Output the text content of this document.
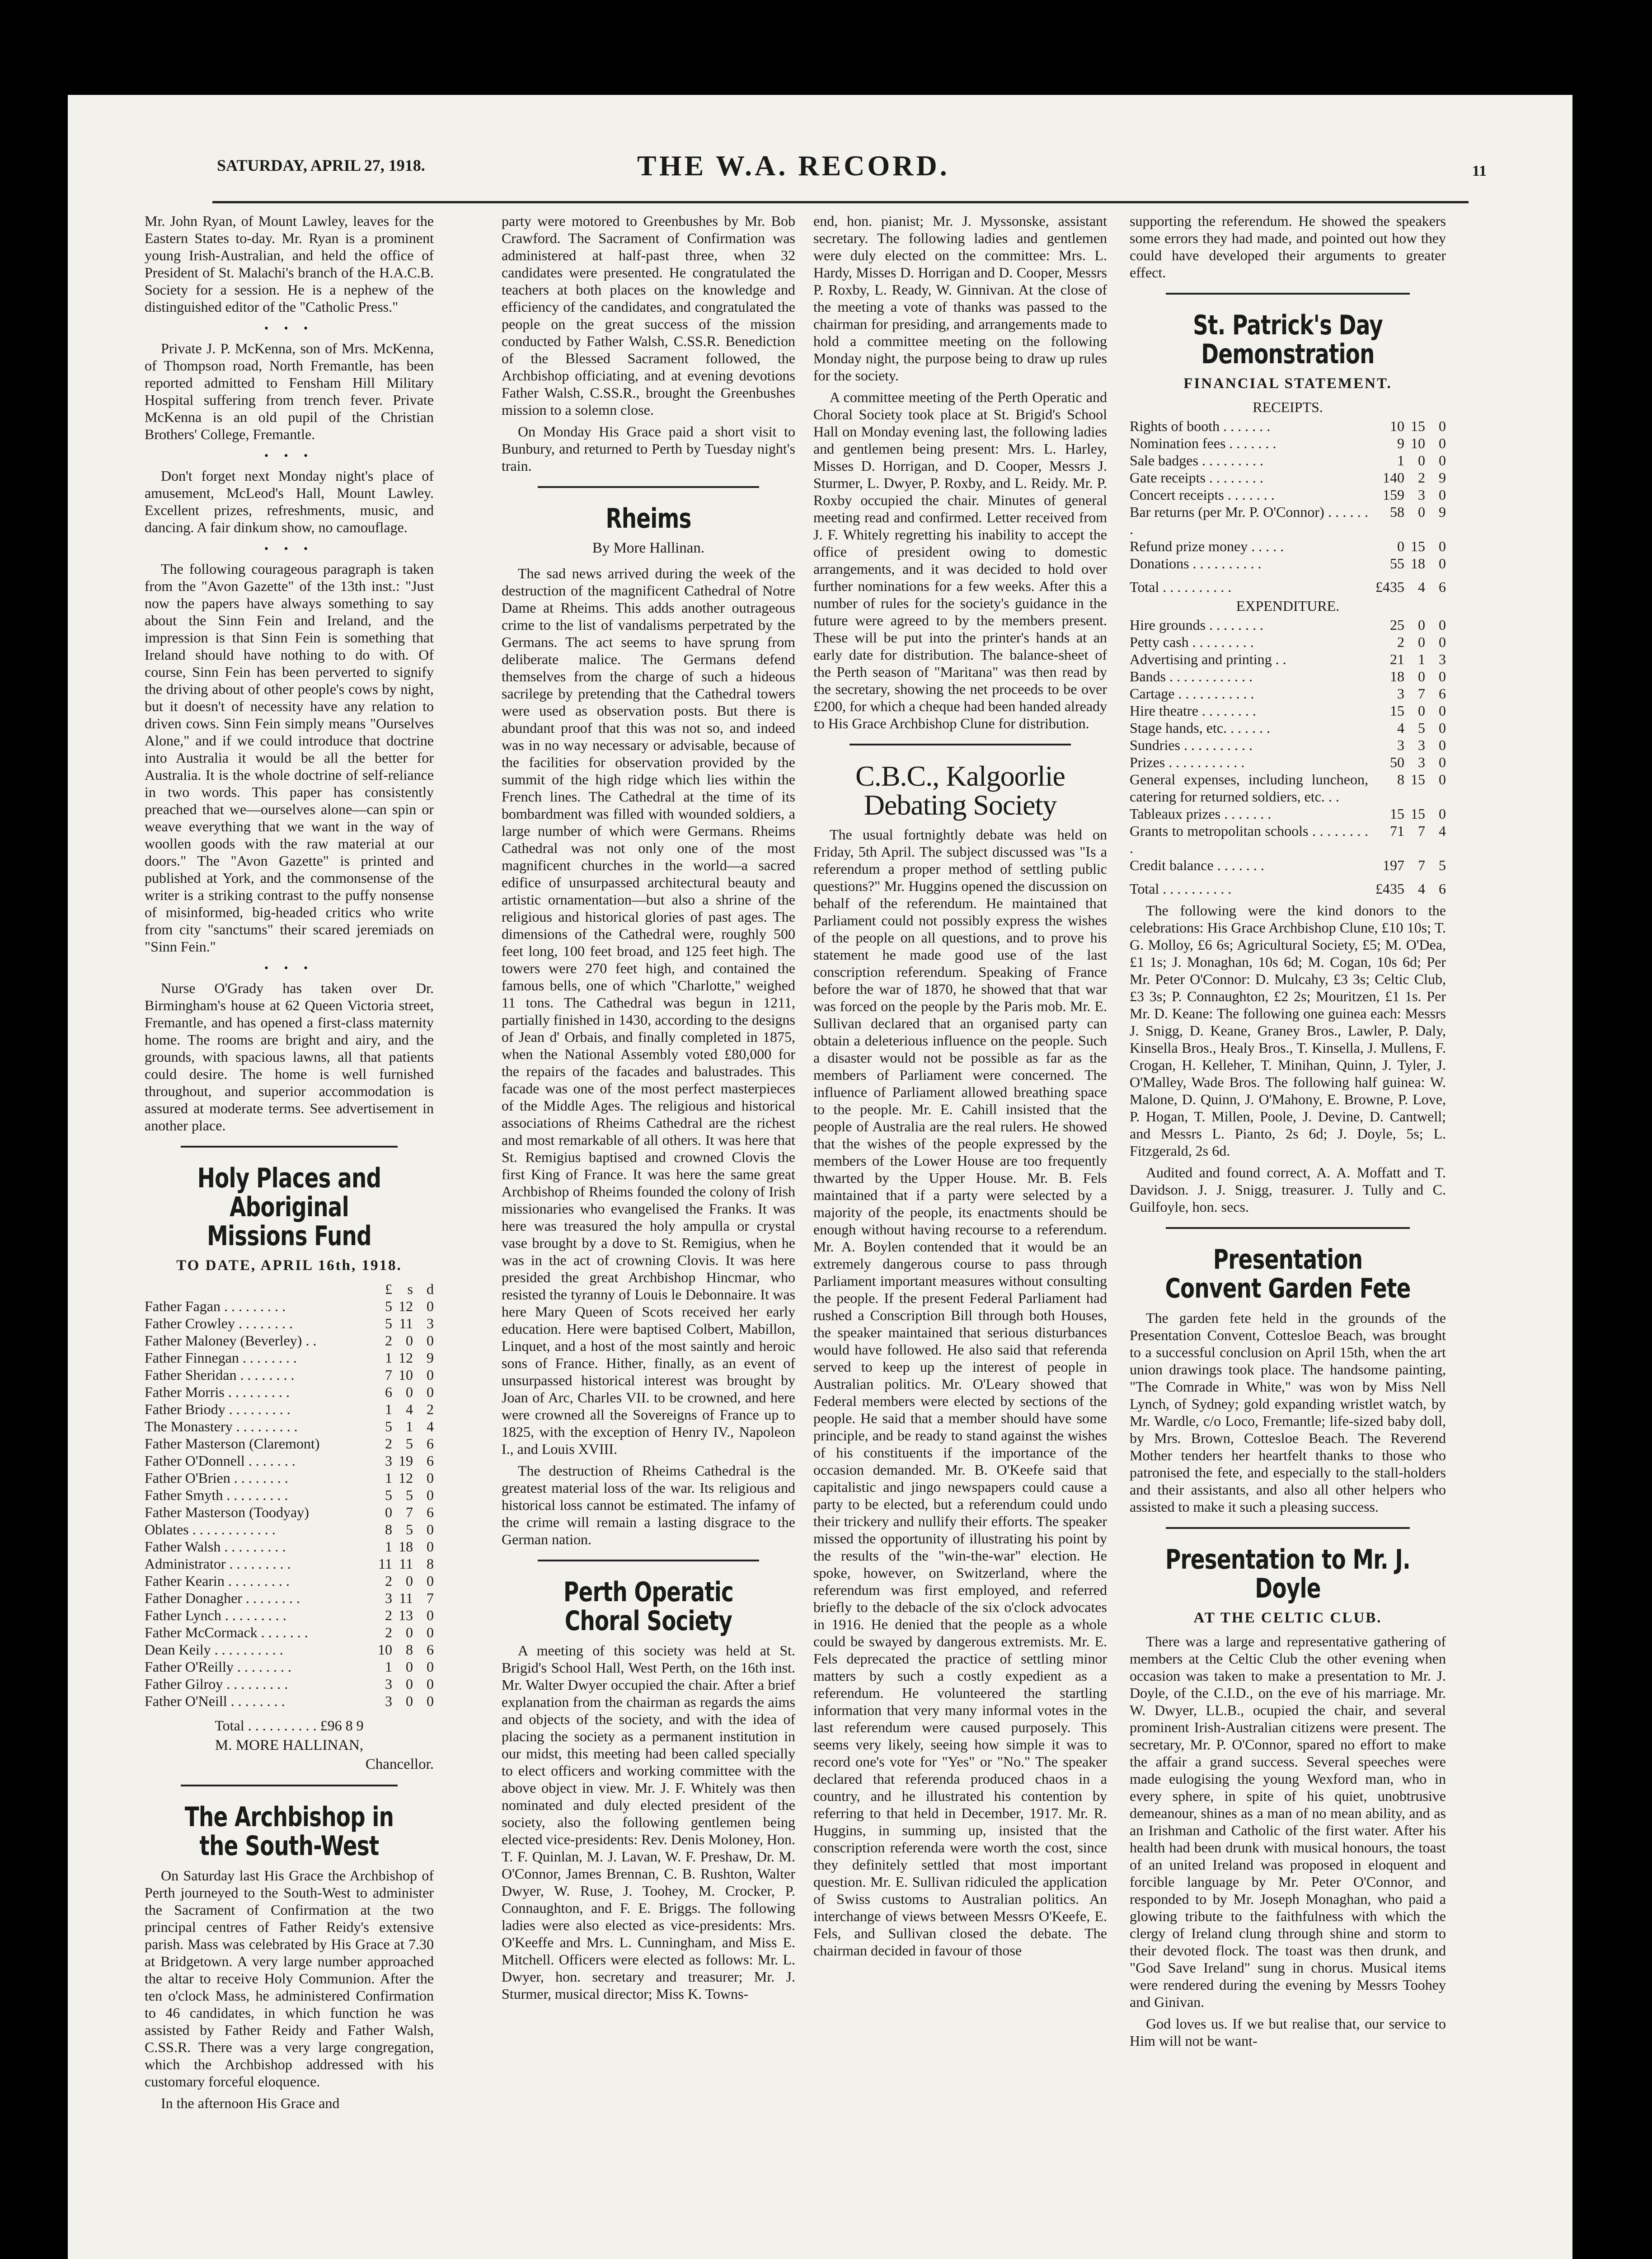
SATURDAY, APRIL 27, 1918.	THE W.A. RECORD.	11

Mr. John Ryan, of Mount Lawley, leaves for the Eastern States to-day. Mr. Ryan is a prominent young Irish-Australian, and held the office of President of St. Malachi's branch of the H.A.C.B. Society for a session. He is a nephew of the distinguished editor of the "Catholic Press."

• • •

Private J. P. McKenna, son of Mrs. McKenna, of Thompson road, North Fremantle, has been reported admitted to Fensham Hill Military Hospital suffering from trench fever. Private McKenna is an old pupil of the Christian Brothers' College, Fremantle.

• • •

Don't forget next Monday night's place of amusement, McLeod's Hall, Mount Lawley. Excellent prizes, refreshments, music, and dancing. A fair dinkum show, no camouflage.

• • •

The following courageous paragraph is taken from the "Avon Gazette" of the 13th inst.: "Just now the papers have always something to say about the Sinn Fein and Ireland, and the impression is that Sinn Fein is something that Ireland should have nothing to do with. Of course, Sinn Fein has been perverted to signify the driving about of other people's cows by night, but it doesn't of necessity have any relation to driven cows. Sinn Fein simply means "Ourselves Alone," and if we could introduce that doctrine into Australia it would be all the better for Australia. It is the whole doctrine of self-reliance in two words. This paper has consistently preached that we—ourselves alone—can spin or weave everything that we want in the way of woollen goods with the raw material at our doors." The "Avon Gazette" is printed and published at York, and the commonsense of the writer is a striking contrast to the puffy nonsense of misinformed, big-headed critics who write from city "sanctums" their scared jeremiads on "Sinn Fein."

• • •

Nurse O'Grady has taken over Dr. Birmingham's house at 62 Queen Victoria street, Fremantle, and has opened a first-class maternity home. The rooms are bright and airy, and the grounds, with spacious lawns, all that patients could desire. The home is well furnished throughout, and superior accommodation is assured at moderate terms. See advertisement in another place.

Holy Places and Aboriginal Missions Fund
TO DATE, APRIL 16th, 1918.
	£	s	d
Father Fagan . . . . . . . . .	5	12	0
Father Crowley . . . . . . . .	5	11	3
Father Maloney (Beverley) . .	2	0	0
Father Finnegan . . . . . . . .	1	12	9
Father Sheridan . . . . . . . .	7	10	0
Father Morris . . . . . . . . .	6	0	0
Father Briody . . . . . . . . .	1	4	2
The Monastery . . . . . . . . .	5	1	4
Father Masterson (Claremont)	2	5	6
Father O'Donnell . . . . . . .	3	19	6
Father O'Brien . . . . . . . .	1	12	0
Father Smyth . . . . . . . . .	5	5	0
Father Masterson (Toodyay)	0	7	6
Oblates . . . . . . . . . . . .	8	5	0
Father Walsh . . . . . . . . .	1	18	0
Administrator . . . . . . . . .	11	11	8
Father Kearin . . . . . . . . .	2	0	0
Father Donagher . . . . . . . .	3	11	7
Father Lynch . . . . . . . . .	2	13	0
Father McCormack . . . . . . .	2	0	0
Dean Keily . . . . . . . . . .	10	8	6
Father O'Reilly . . . . . . . .	1	0	0
Father Gilroy . . . . . . . . .	3	0	0
Father O'Neill . . . . . . . .	3	0	0
Total . . . . . . . . . . £96 8 9
M. MORE HALLINAN,
Chancellor.
The Archbishop in the South-West

On Saturday last His Grace the Archbishop of Perth journeyed to the South-West to administer the Sacrament of Confirmation at the two principal centres of Father Reidy's extensive parish. Mass was celebrated by His Grace at 7.30 at Bridgetown. A very large number approached the altar to receive Holy Communion. After the ten o'clock Mass, he administered Confirmation to 46 candidates, in which function he was assisted by Father Reidy and Father Walsh, C.SS.R. There was a very large congregation, which the Archbishop addressed with his customary forceful eloquence.

In the afternoon His Grace and

party were motored to Greenbushes by Mr. Bob Crawford. The Sacrament of Confirmation was administered at half-past three, when 32 candidates were presented. He congratulated the teachers at both places on the knowledge and efficiency of the candidates, and congratulated the people on the great success of the mission conducted by Father Walsh, C.SS.R. Benediction of the Blessed Sacrament followed, the Archbishop officiating, and at evening devotions Father Walsh, C.SS.R., brought the Greenbushes mission to a solemn close.

On Monday His Grace paid a short visit to Bunbury, and returned to Perth by Tuesday night's train.

Rheims
By More Hallinan.

The sad news arrived during the week of the destruction of the magnificent Cathedral of Notre Dame at Rheims. This adds another outrageous crime to the list of vandalisms perpetrated by the Germans. The act seems to have sprung from deliberate malice. The Germans defend themselves from the charge of such a hideous sacrilege by pretending that the Cathedral towers were used as observation posts. But there is abundant proof that this was not so, and indeed was in no way necessary or advisable, because of the facilities for observation provided by the summit of the high ridge which lies within the French lines. The Cathedral at the time of its bombardment was filled with wounded soldiers, a large number of which were Germans. Rheims Cathedral was not only one of the most magnificent churches in the world—a sacred edifice of unsurpassed architectural beauty and artistic ornamentation—but also a shrine of the religious and historical glories of past ages. The dimensions of the Cathedral were, roughly 500 feet long, 100 feet broad, and 125 feet high. The towers were 270 feet high, and contained the famous bells, one of which "Charlotte," weighed 11 tons. The Cathedral was begun in 1211, partially finished in 1430, according to the designs of Jean d' Orbais, and finally completed in 1875, when the National Assembly voted £80,000 for the repairs of the facades and balustrades. This facade was one of the most perfect masterpieces of the Middle Ages. The religious and historical associations of Rheims Cathedral are the richest and most remarkable of all others. It was here that St. Remigius baptised and crowned Clovis the first King of France. It was here the same great Archbishop of Rheims founded the colony of Irish missionaries who evangelised the Franks. It was here was treasured the holy ampulla or crystal vase brought by a dove to St. Remigius, when he was in the act of crowning Clovis. It was here presided the great Archbishop Hincmar, who resisted the tyranny of Louis le Debonnaire. It was here Mary Queen of Scots received her early education. Here were baptised Colbert, Mabillon, Linquet, and a host of the most saintly and heroic sons of France. Hither, finally, as an event of unsurpassed historical interest was brought by Joan of Arc, Charles VII. to be crowned, and here were crowned all the Sovereigns of France up to 1825, with the exception of Henry IV., Napoleon I., and Louis XVIII.

The destruction of Rheims Cathedral is the greatest material loss of the war. Its religious and historical loss cannot be estimated. The infamy of the crime will remain a lasting disgrace to the German nation.

Perth Operatic Choral Society

A meeting of this society was held at St. Brigid's School Hall, West Perth, on the 16th inst. Mr. Walter Dwyer occupied the chair. After a brief explanation from the chairman as regards the aims and objects of the society, and with the idea of placing the society as a permanent institution in our midst, this meeting had been called specially to elect officers and working committee with the above object in view. Mr. J. F. Whitely was then nominated and duly elected president of the society, also the following gentlemen being elected vice-presidents: Rev. Denis Moloney, Hon. T. F. Quinlan, M. J. Lavan, W. F. Preshaw, Dr. M. O'Connor, James Brennan, C. B. Rushton, Walter Dwyer, W. Ruse, J. Toohey, M. Crocker, P. Connaughton, and F. E. Briggs. The following ladies were also elected as vice-presidents: Mrs. O'Keeffe and Mrs. L. Cunningham, and Miss E. Mitchell. Officers were elected as follows: Mr. L. Dwyer, hon. secretary and treasurer; Mr. J. Sturmer, musical director; Miss K. Towns-

end, hon. pianist; Mr. J. Myssonske, assistant secretary. The following ladies and gentlemen were duly elected on the committee: Mrs. L. Hardy, Misses D. Horrigan and D. Cooper, Messrs P. Roxby, L. Ready, W. Ginnivan. At the close of the meeting a vote of thanks was passed to the chairman for presiding, and arrangements made to hold a committee meeting on the following Monday night, the purpose being to draw up rules for the society.

A committee meeting of the Perth Operatic and Choral Society took place at St. Brigid's School Hall on Monday evening last, the following ladies and gentlemen being present: Mrs. L. Harley, Misses D. Horrigan, and D. Cooper, Messrs J. Sturmer, L. Dwyer, P. Roxby, and L. Reidy. Mr. P. Roxby occupied the chair. Minutes of general meeting read and confirmed. Letter received from J. F. Whitely regretting his inability to accept the office of president owing to domestic arrangements, and it was decided to hold over further nominations for a few weeks. After this a number of rules for the society's guidance in the future were agreed to by the members present. These will be put into the printer's hands at an early date for distribution. The balance-sheet of the Perth season of "Maritana" was then read by the secretary, showing the net proceeds to be over £200, for which a cheque had been handed already to His Grace Archbishop Clune for distribution.

C.B.C., Kalgoorlie Debating Society

The usual fortnightly debate was held on Friday, 5th April. The subject discussed was "Is a referendum a proper method of settling public questions?" Mr. Huggins opened the discussion on behalf of the referendum. He maintained that Parliament could not possibly express the wishes of the people on all questions, and to prove his statement he made good use of the last conscription referendum. Speaking of France before the war of 1870, he showed that that war was forced on the people by the Paris mob. Mr. E. Sullivan declared that an organised party can obtain a deleterious influence on the people. Such a disaster would not be possible as far as the members of Parliament were concerned. The influence of Parliament allowed breathing space to the people. Mr. E. Cahill insisted that the people of Australia are the real rulers. He showed that the wishes of the people expressed by the members of the Lower House are too frequently thwarted by the Upper House. Mr. B. Fels maintained that if a party were selected by a majority of the people, its enactments should be enough without having recourse to a referendum. Mr. A. Boylen contended that it would be an extremely dangerous course to pass through Parliament important measures without consulting the people. If the present Federal Parliament had rushed a Conscription Bill through both Houses, the speaker maintained that serious disturbances would have followed. He also said that referenda served to keep up the interest of people in Australian politics. Mr. O'Leary showed that Federal members were elected by sections of the people. He said that a member should have some principle, and be ready to stand against the wishes of his constituents if the importance of the occasion demanded. Mr. B. O'Keefe said that capitalistic and jingo newspapers could cause a party to be elected, but a referendum could undo their trickery and nullify their efforts. The speaker missed the opportunity of illustrating his point by the results of the "win-the-war" election. He spoke, however, on Switzerland, where the referendum was first employed, and referred briefly to the debacle of the six o'clock advocates in 1916. He denied that the people as a whole could be swayed by dangerous extremists. Mr. E. Fels deprecated the practice of settling minor matters by such a costly expedient as a referendum. He volunteered the startling information that very many informal votes in the last referendum were caused purposely. This seems very likely, seeing how simple it was to record one's vote for "Yes" or "No." The speaker declared that referenda produced chaos in a country, and he illustrated his contention by referring to that held in December, 1917. Mr. R. Huggins, in summing up, insisted that the conscription referenda were worth the cost, since they definitely settled that most important question. Mr. E. Sullivan ridiculed the application of Swiss customs to Australian politics. An interchange of views between Messrs O'Keefe, E. Fels, and Sullivan closed the debate. The chairman decided in favour of those

supporting the referendum. He showed the speakers some errors they had made, and pointed out how they could have developed their arguments to greater effect.

St. Patrick's Day Demonstration
FINANCIAL STATEMENT.
RECEIPTS.
Rights of booth . . . . . . .	10	15	0
Nomination fees . . . . . . .	9	10	0
Sale badges . . . . . . . . .	1	0	0
Gate receipts . . . . . . . .	140	2	9
Concert receipts . . . . . . .	159	3	0
Bar returns (per Mr. P. O'Connor) . . . . . . .	58	0	9
Refund prize money . . . . .	0	15	0
Donations . . . . . . . . . .	55	18	0
Total . . . . . . . . . .	£435	4	6
EXPENDITURE.
Hire grounds . . . . . . . .	25	0	0
Petty cash . . . . . . . . .	2	0	0
Advertising and printing . .	21	1	3
Bands . . . . . . . . . . . .	18	0	0
Cartage . . . . . . . . . . .	3	7	6
Hire theatre . . . . . . . .	15	0	0
Stage hands, etc. . . . . . .	4	5	0
Sundries . . . . . . . . . .	3	3	0
Prizes . . . . . . . . . . .	50	3	0
General expenses, including luncheon, catering for returned soldiers, etc. . .	8	15	0
Tableaux prizes . . . . . . .	15	15	0
Grants to metropolitan schools . . . . . . . . .	71	7	4
Credit balance . . . . . . .	197	7	5
Total . . . . . . . . . .	£435	4	6

The following were the kind donors to the celebrations: His Grace Archbishop Clune, £10 10s; T. G. Molloy, £6 6s; Agricultural Society, £5; M. O'Dea, £1 1s; J. Monaghan, 10s 6d; M. Cogan, 10s 6d; Per Mr. Peter O'Connor: D. Mulcahy, £3 3s; Celtic Club, £3 3s; P. Connaughton, £2 2s; Mouritzen, £1 1s. Per Mr. D. Keane: The following one guinea each: Messrs J. Snigg, D. Keane, Graney Bros., Lawler, P. Daly, Kinsella Bros., Healy Bros., T. Kinsella, J. Mullens, F. Crogan, H. Kelleher, T. Minihan, Quinn, J. Tyler, J. O'Malley, Wade Bros. The following half guinea: W. Malone, D. Quinn, J. O'Mahony, E. Browne, P. Love, P. Hogan, T. Millen, Poole, J. Devine, D. Cantwell; and Messrs L. Pianto, 2s 6d; J. Doyle, 5s; L. Fitzgerald, 2s 6d.

Audited and found correct, A. A. Moffatt and T. Davidson. J. J. Snigg, treasurer. J. Tully and C. Guilfoyle, hon. secs.

Presentation Convent Garden Fete

The garden fete held in the grounds of the Presentation Convent, Cottesloe Beach, was brought to a successful conclusion on April 15th, when the art union drawings took place. The handsome painting, "The Comrade in White," was won by Miss Nell Lynch, of Sydney; gold expanding wristlet watch, by Mr. Wardle, c/o Loco, Fremantle; life-sized baby doll, by Mrs. Brown, Cottesloe Beach. The Reverend Mother tenders her heartfelt thanks to those who patronised the fete, and especially to the stall-holders and their assistants, and also all other helpers who assisted to make it such a pleasing success.

Presentation to Mr. J. Doyle
AT THE CELTIC CLUB.

There was a large and representative gathering of members at the Celtic Club the other evening when occasion was taken to make a presentation to Mr. J. Doyle, of the C.I.D., on the eve of his marriage. Mr. W. Dwyer, LL.B., ocupied the chair, and several prominent Irish-Australian citizens were present. The secretary, Mr. P. O'Connor, spared no effort to make the affair a grand success. Several speeches were made eulogising the young Wexford man, who in every sphere, in spite of his quiet, unobtrusive demeanour, shines as a man of no mean ability, and as an Irishman and Catholic of the first water. After his health had been drunk with musical honours, the toast of an united Ireland was proposed in eloquent and forcible language by Mr. Peter O'Connor, and responded to by Mr. Joseph Monaghan, who paid a glowing tribute to the faithfulness with which the clergy of Ireland clung through shine and storm to their devoted flock. The toast was then drunk, and "God Save Ireland" sung in chorus. Musical items were rendered during the evening by Messrs Toohey and Ginivan.

God loves us. If we but realise that, our service to Him will not be want-
